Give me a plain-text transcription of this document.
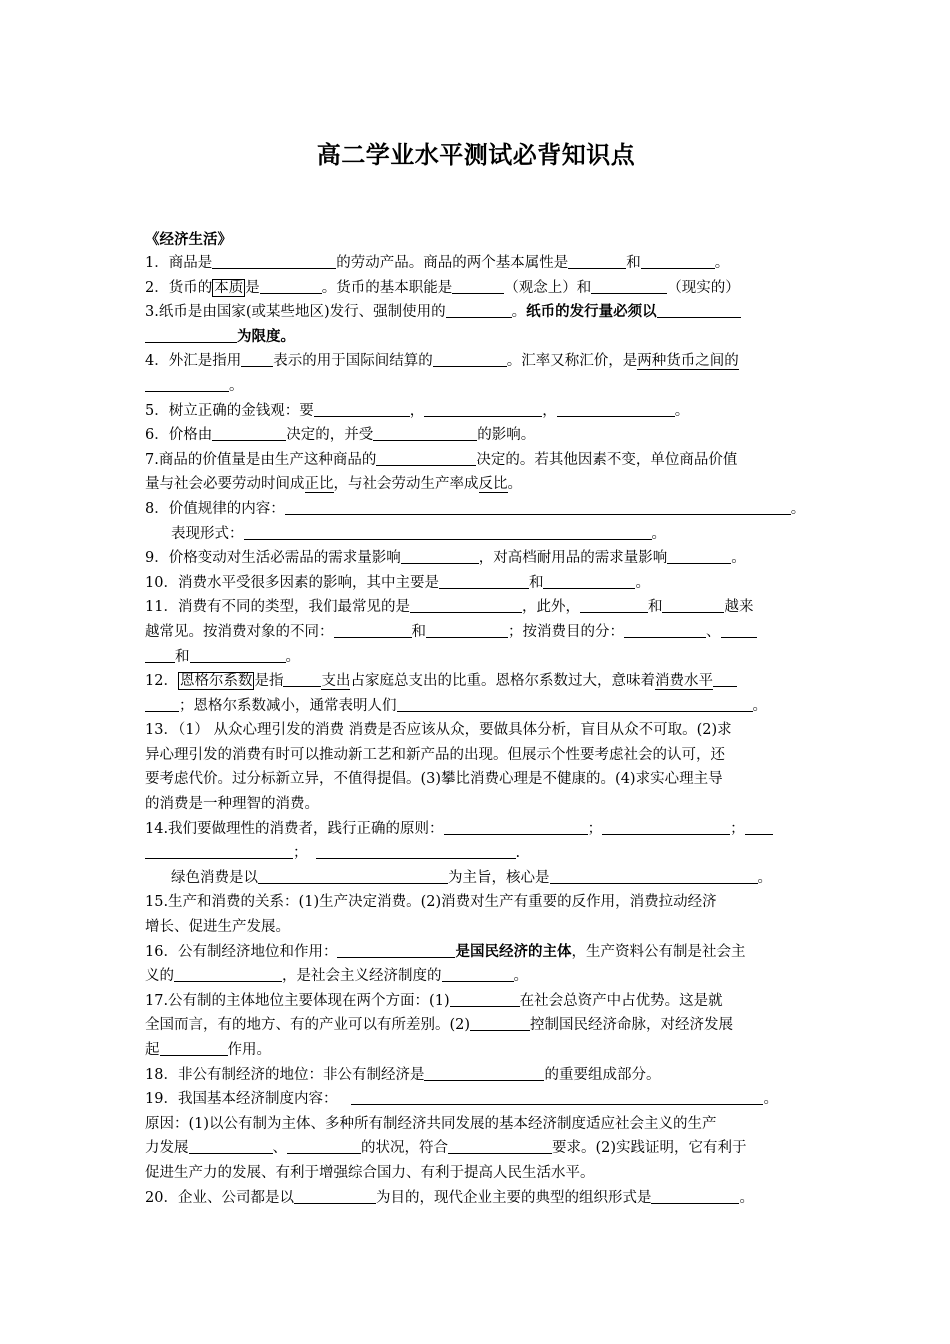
高二学业水平测试必背知识点
《经济生活》
1．商品是	的劳动产品。商品的两个基本属性是	和	。
2．货币的 本质 是	。货币的基本职能是	（观念上）和	（现实的）
3.纸币是由国家(或某些地区)发行、强制使用的	。纸币的发行量必须以
为限度。
4．外汇是指用 表示的用于国际间结算的	。汇率又称汇价，是两种货币之间的
。
5．树立正确的金钱观：要	，	，	。
6．价格由	决定的，并受	的影响。
7.商品的价值量是由生产这种商品的	决定的。若其他因素不变，单位商品价值
量与社会必要劳动时间成正比，与社会劳动生产率成反比。
8．价值规律的内容：	。
表现形式：	。
9．价格变动对生活必需品的需求量影响	，对高档耐用品的需求量影响	。
10．消费水平受很多因素的影响，其中主要是	和	。
11．消费有不同的类型，我们最常见的是	，此外，	和	越来
越常见。按消费对象的不同：	和	；按消费目的分：	、
和	。
12． 恩格尔系数 是指	支出占家庭总支出的比重。恩格尔系数过大，意味着消费水平
；恩格尔系数减小，通常表明人们	。
13．（1） 从众心理引发的消费 消费是否应该从众，要做具体分析，盲目从众不可取。(2)求
异心理引发的消费有时可以推动新工艺和新产品的出现。但展示个性要考虑社会的认可，还
要考虑代价。过分标新立异，不值得提倡。(3)攀比消费心理是不健康的。(4)求实心理主导
的消费是一种理智的消费。
14.我们要做理性的消费者，践行正确的原则：	；	；
；	.
绿色消费是以	为主旨，核心是	。
15.生产和消费的关系：(1)生产决定消费。(2)消费对生产有重要的反作用，消费拉动经济
增长、促进生产发展。
16．公有制经济地位和作用：	是国民经济的主体，生产资料公有制是社会主
义的	，是社会主义经济制度的	。
17.公有制的主体地位主要体现在两个方面：(1)	在社会总资产中占优势。这是就
全国而言，有的地方、有的产业可以有所差别。(2)	控制国民经济命脉，对经济发展
起	作用。
18．非公有制经济的地位：非公有制经济是	的重要组成部分。
19．我国基本经济制度内容：	。
原因：(1)以公有制为主体、多种所有制经济共同发展的基本经济制度适应社会主义的生产
力发展	、	的状况，符合	要求。(2)实践证明，它有利于
促进生产力的发展、有利于增强综合国力、有利于提高人民生活水平。
20．企业、公司都是以	为目的，现代企业主要的典型的组织形式是	。
